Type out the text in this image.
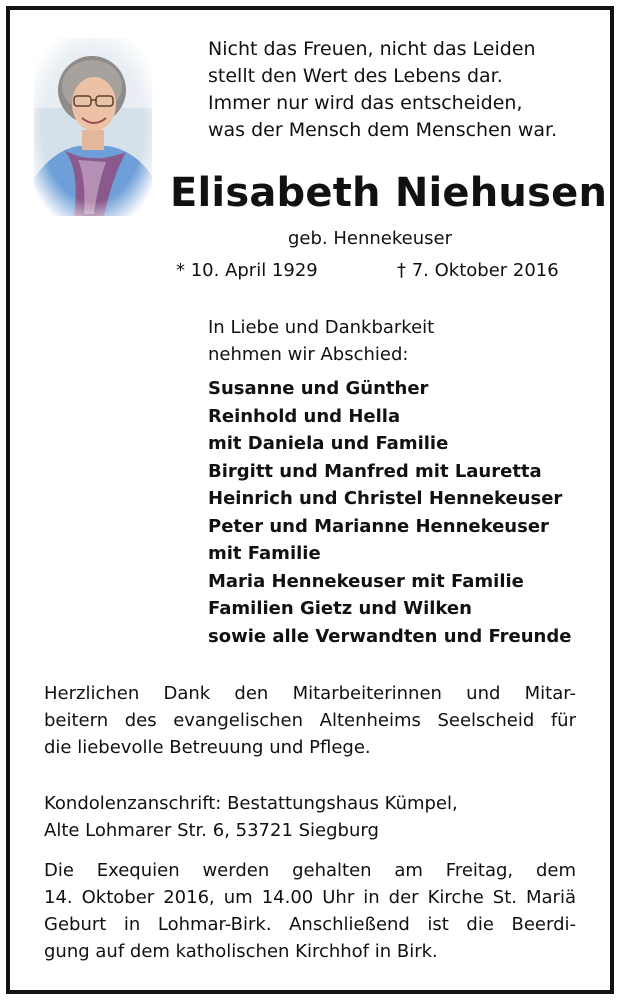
Nicht das Freuen, nicht das Leiden
stellt den Wert des Lebens dar.
Immer nur wird das entscheiden,
was der Mensch dem Menschen war.
Elisabeth Niehusen
geb. Hennekeuser
* 10. April 1929	† 7. Oktober 2016
In Liebe und Dankbarkeit
nehmen wir Abschied:
Susanne und Günther
Reinhold und Hella
mit Daniela und Familie
Birgitt und Manfred mit Lauretta
Heinrich und Christel Hennekeuser
Peter und Marianne Hennekeuser
mit Familie
Maria Hennekeuser mit Familie
Familien Gietz und Wilken
sowie alle Verwandten und Freunde
Herzlichen Dank den Mitarbeiterinnen und Mitar-
beitern des evangelischen Altenheims Seelscheid für
die liebevolle Betreuung und Pflege.
Kondolenzanschrift: Bestattungshaus Kümpel,
Alte Lohmarer Str. 6, 53721 Siegburg
Die Exequien werden gehalten am Freitag, dem
14. Oktober 2016, um 14.00 Uhr in der Kirche St. Mariä
Geburt in Lohmar-Birk. Anschließend ist die Beerdi-
gung auf dem katholischen Kirchhof in Birk.
